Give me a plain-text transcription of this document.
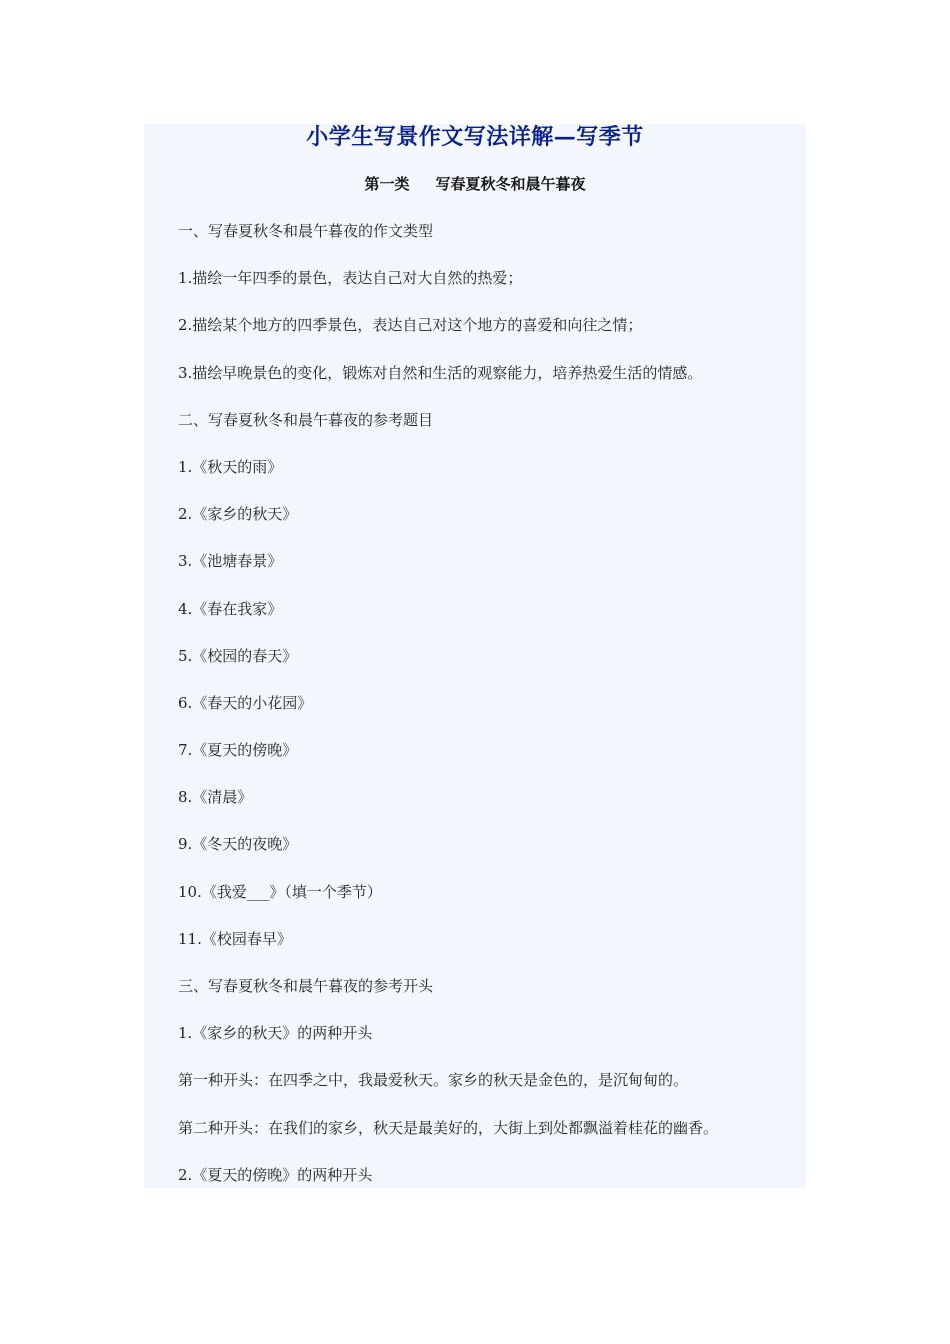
小学生写景作文写法详解—写季节
第一类     写春夏秋冬和晨午暮夜
一、写春夏秋冬和晨午暮夜的作文类型
1.描绘一年四季的景色，表达自己对大自然的热爱；
2.描绘某个地方的四季景色，表达自己对这个地方的喜爱和向往之情；
3.描绘早晚景色的变化，锻炼对自然和生活的观察能力，培养热爱生活的情感。
二、写春夏秋冬和晨午暮夜的参考题目
1.《秋天的雨》
2.《家乡的秋天》
3.《池塘春景》
4.《春在我家》
5.《校园的春天》
6.《春天的小花园》
7.《夏天的傍晚》
8.《清晨》
9.《冬天的夜晚》
10.《我爱___》（填一个季节）
11.《校园春早》
三、写春夏秋冬和晨午暮夜的参考开头
1.《家乡的秋天》的两种开头
第一种开头：在四季之中，我最爱秋天。家乡的秋天是金色的，是沉甸甸的。
第二种开头：在我们的家乡，秋天是最美好的，大街上到处都飘溢着桂花的幽香。
2.《夏天的傍晚》的两种开头
